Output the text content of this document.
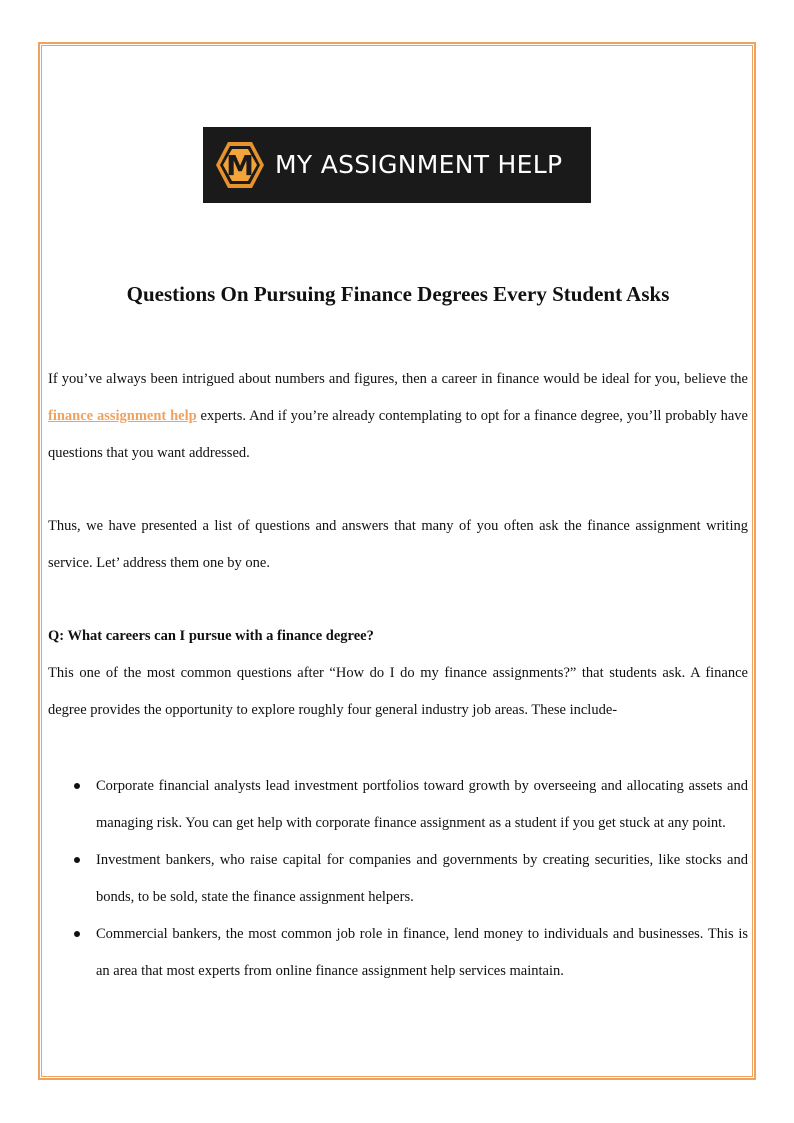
M MY ASSIGNMENT HELP
Questions On Pursuing Finance Degrees Every Student Asks

If you’ve always been intrigued about numbers and figures, then a career in finance would be ideal for you, believe the finance assignment help experts. And if you’re already contemplating to opt for a finance degree, you’ll probably have questions that you want addressed.

Thus, we have presented a list of questions and answers that many of you often ask the finance assignment writing service. Let’ address them one by one.

Q: What careers can I pursue with a finance degree?

This one of the most common questions after “How do I do my finance assignments?” that students ask. A finance degree provides the opportunity to explore roughly four general industry job areas. These include-

Corporate financial analysts lead investment portfolios toward growth by overseeing and allocating assets and managing risk. You can get help with corporate finance assignment as a student if you get stuck at any point.
Investment bankers, who raise capital for companies and governments by creating securities, like stocks and bonds, to be sold, state the finance assignment helpers.
Commercial bankers, the most common job role in finance, lend money to individuals and businesses. This is an area that most experts from online finance assignment help services maintain.
